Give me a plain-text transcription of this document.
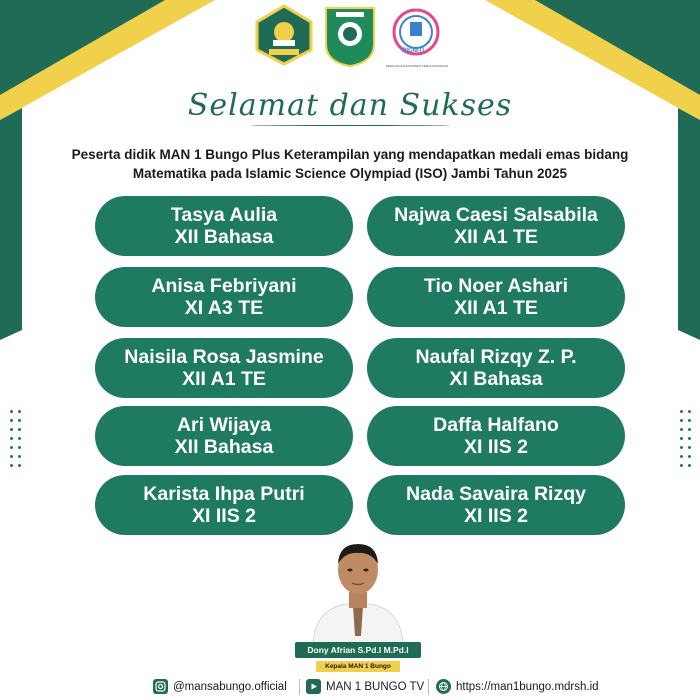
DIGNITI
PERGURUAN EKSPRESI KEMAHASISWAAN
Selamat dan Sukses
Peserta didik MAN 1 Bungo Plus Keterampilan yang mendapatkan medali emas bidang
Matematika pada Islamic Science Olympiad (ISO) Jambi Tahun 2025
Tasya Aulia
XII Bahasa
Najwa Caesi Salsabila
XII A1 TE
Anisa Febriyani
XI A3 TE
Tio Noer Ashari
XII A1 TE
Naisila Rosa Jasmine
XII A1 TE
Naufal Rizqy Z. P.
XI Bahasa
Ari Wijaya
XII Bahasa
Daffa Halfano
XI IIS 2
Karista Ihpa Putri
XI IIS 2
Nada Savaira Rizqy
XI IIS 2
Dony Afrian S.Pd.I M.Pd.I
Kepala MAN 1 Bungo
@mansabungo.official	MAN 1 BUNGO TV	https://man1bungo.mdrsh.id
